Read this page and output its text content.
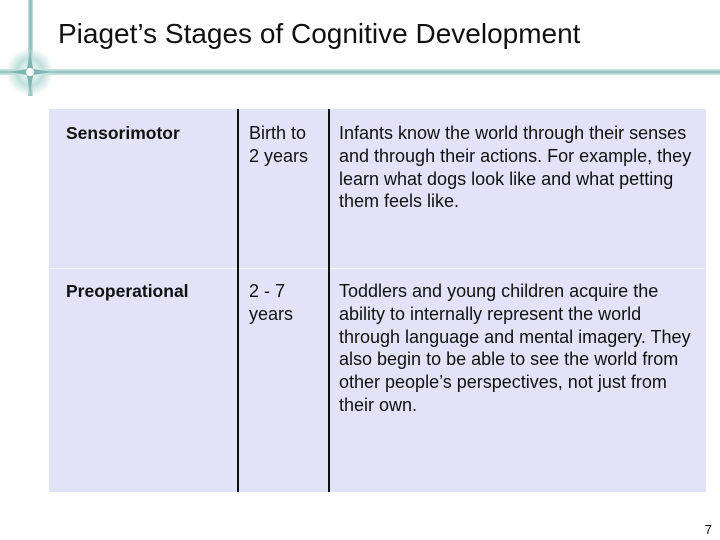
Piaget’s Stages of Cognitive Development
Sensorimotor	Birth to
2 years
Infants know the world through their senses and through their actions. For example, they learn what dogs look like and what petting them feels like.
Preoperational	2 - 7
years
Toddlers and young children acquire the ability to internally represent the world through language and mental imagery. They also begin to be able to see the world from other people’s perspectives, not just from their own.
7
